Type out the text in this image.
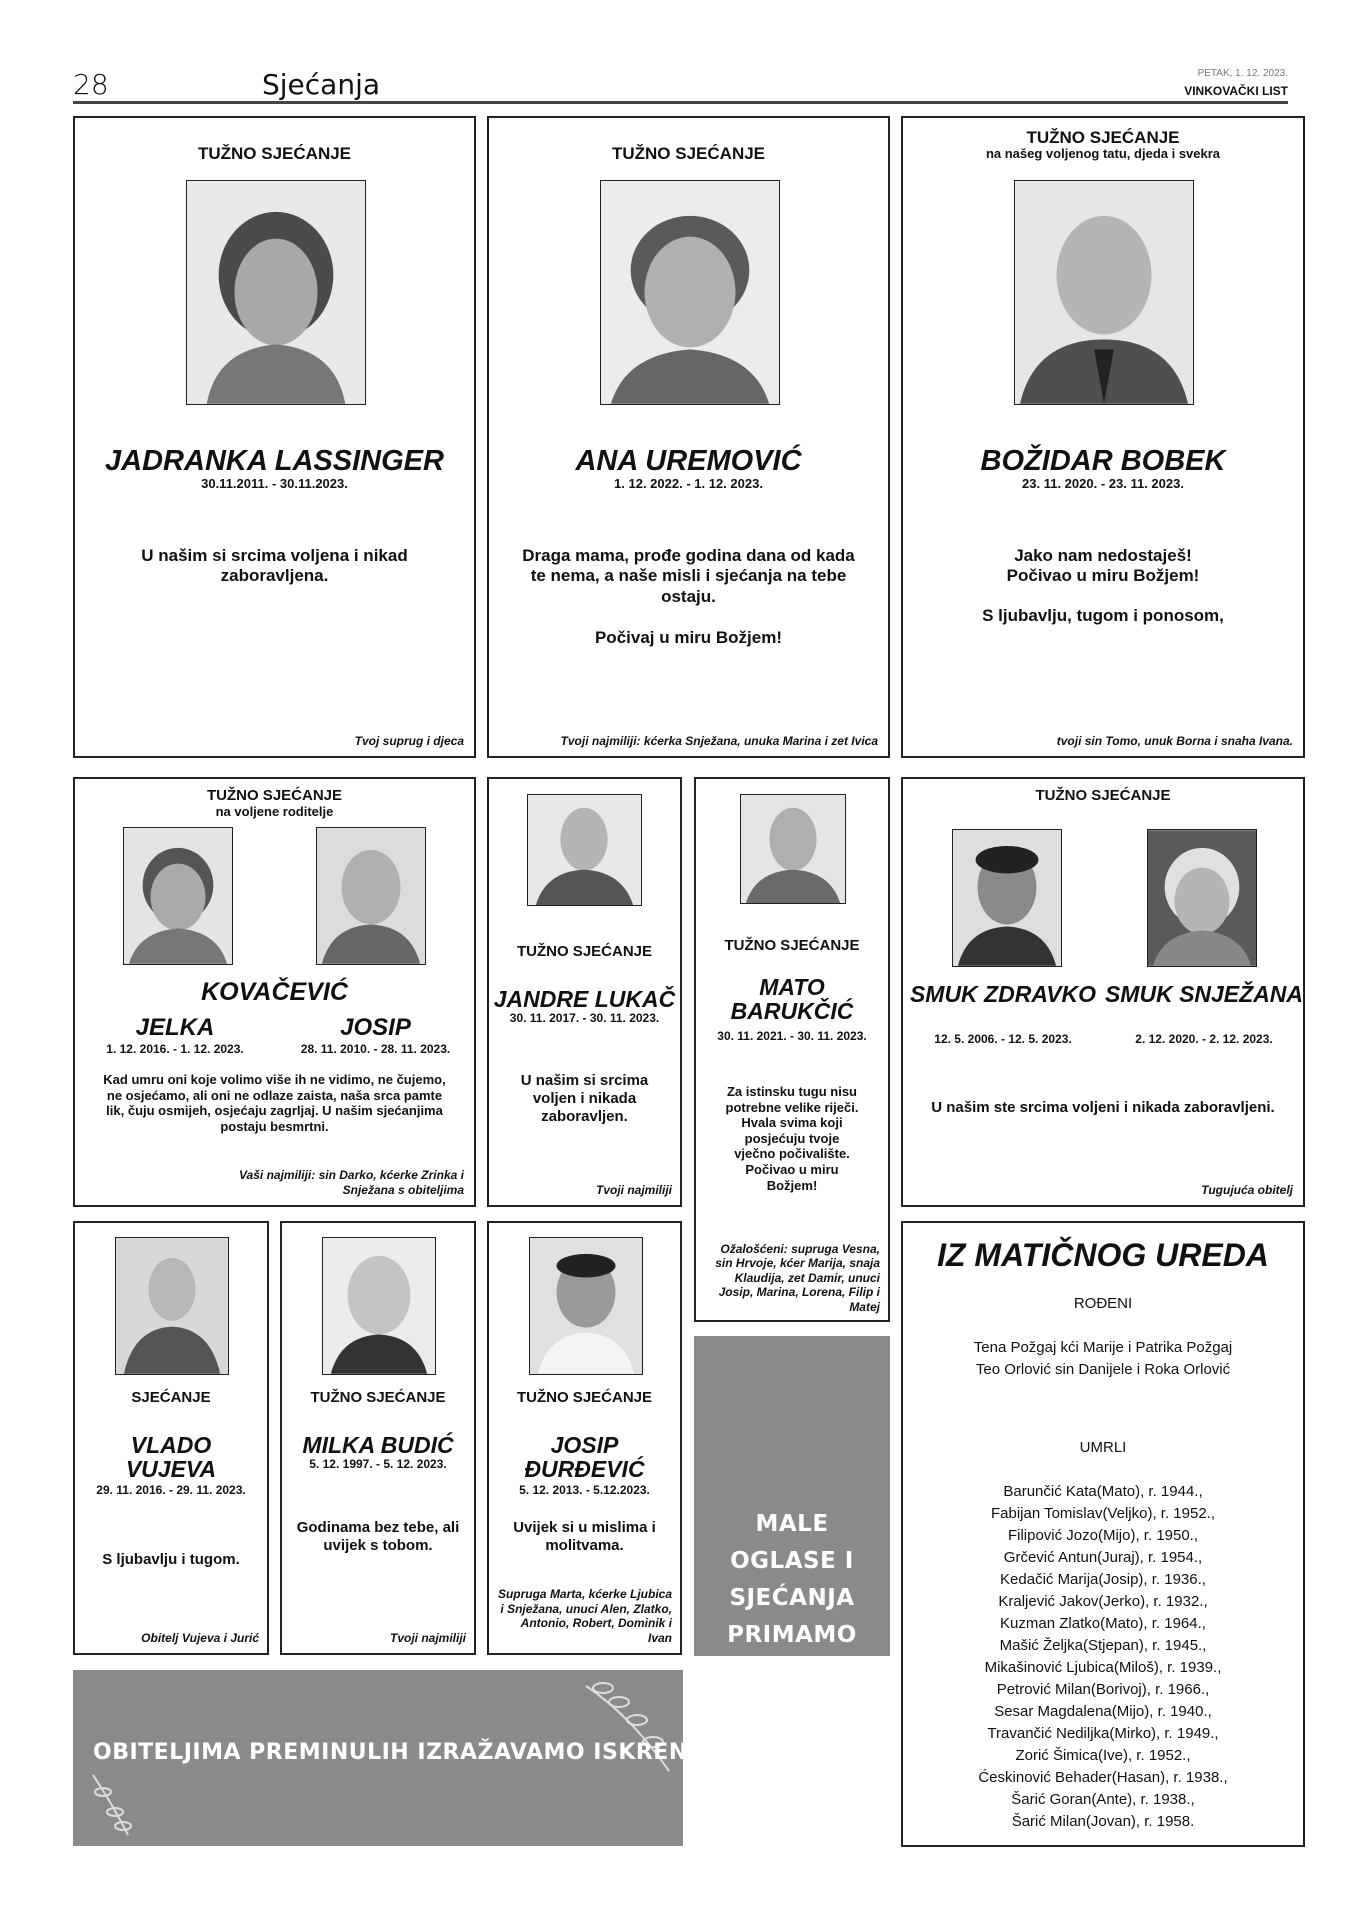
28	Sjećanja	PETAK, 1. 12. 2023.
VINKOVAČKI LIST
TUŽNO SJEĆANJE
JADRANKA LASSINGER
30.11.2011. - 30.11.2023.
U našim si srcima voljena i nikad zaboravljena.
Tvoj suprug i djeca
TUŽNO SJEĆANJE
ANA UREMOVIĆ
1. 12. 2022. - 1. 12. 2023.
Draga mama, prođe godina dana od kada te nema, a naše misli i sjećanja na tebe ostaju.
Počivaj u miru Božjem!
Tvoji najmiliji: kćerka Snježana, unuka Marina i zet Ivica
TUŽNO SJEĆANJE
na našeg voljenog tatu, djeda i svekra
BOŽIDAR BOBEK
23. 11. 2020. - 23. 11. 2023.
Jako nam nedostaješ! Počivao u miru Božjem!
S ljubavlju, tugom i ponosom,
tvoji sin Tomo, unuk Borna i snaha Ivana.
TUŽNO SJEĆANJE
na voljene roditelje
KOVAČEVIĆ
JELKA
1. 12. 2016. - 1. 12. 2023.
JOSIP
28. 11. 2010. - 28. 11. 2023.
Kad umru oni koje volimo više ih ne vidimo, ne čujemo, ne osjećamo, ali oni ne odlaze zaista, naša srca pamte lik, čuju osmijeh, osjećaju zagrljaj. U našim sjećanjima postaju besmrtni.
Vaši najmiliji: sin Darko, kćerke Zrinka i Snježana s obiteljima
TUŽNO SJEĆANJE
JANDRE LUKAČ
30. 11. 2017. - 30. 11. 2023.
U našim si srcima voljen i nikada zaboravljen.
Tvoji najmiliji
TUŽNO SJEĆANJE
MATO BARUKČIĆ
30. 11. 2021. - 30. 11. 2023.
Za istinsku tugu nisu potrebne velike riječi. Hvala svima koji posjećuju tvoje vječno počivalište. Počivao u miru Božjem!
Ožalošćeni: supruga Vesna, sin Hrvoje, kćer Marija, snaja Klaudija, zet Damir, unuci Josip, Marina, Lorena, Filip i Matej
TUŽNO SJEĆANJE
SMUK ZDRAVKO
12. 5. 2006. - 12. 5. 2023.
SMUK SNJEŽANA
2. 12. 2020. - 2. 12. 2023.
U našim ste srcima voljeni i nikada zaboravljeni.
Tugujuća obitelj
SJEĆANJE
VLADO VUJEVA
29. 11. 2016. - 29. 11. 2023.
S ljubavlju i tugom.
Obitelj Vujeva i Jurić
TUŽNO SJEĆANJE
MILKA BUDIĆ
5. 12. 1997. - 5. 12. 2023.
Godinama bez tebe, ali uvijek s tobom.
Tvoji najmiliji
TUŽNO SJEĆANJE
JOSIP ĐURĐEVIĆ
5. 12. 2013. - 5.12.2023.
Uvijek si u mislima i molitvama.
Supruga Marta, kćerke Ljubica i Snježana, unuci Alen, Zlatko, Antonio, Robert, Dominik i Ivan
MALE OGLASE I SJEĆANJA PRIMAMO DO SRIJEDE U 10 SATI
OBITELJIMA PREMINULIH IZRAŽAVAMO ISKRENU SUĆUT
IZ MATIČNOG UREDA
ROĐENI
Tena Požgaj kći Marije i Patrika Požgaj
Teo Orlović sin Danijele i Roka Orlović
UMRLI
Barunčić Kata(Mato), r. 1944.,
Fabijan Tomislav(Veljko), r. 1952.,
Filipović Jozo(Mijo), r. 1950.,
Grčević Antun(Juraj), r. 1954.,
Kedačić Marija(Josip), r. 1936.,
Kraljević Jakov(Jerko), r. 1932.,
Kuzman Zlatko(Mato), r. 1964.,
Mašić Željka(Stjepan), r. 1945.,
Mikašinović Ljubica(Miloš), r. 1939.,
Petrović Milan(Borivoj), r. 1966.,
Sesar Magdalena(Mijo), r. 1940.,
Travančić Nediljka(Mirko), r. 1949.,
Zorić Šimica(Ive), r. 1952.,
Ćeskinović Behader(Hasan), r. 1938.,
Šarić Goran(Ante), r. 1938.,
Šarić Milan(Jovan), r. 1958.
